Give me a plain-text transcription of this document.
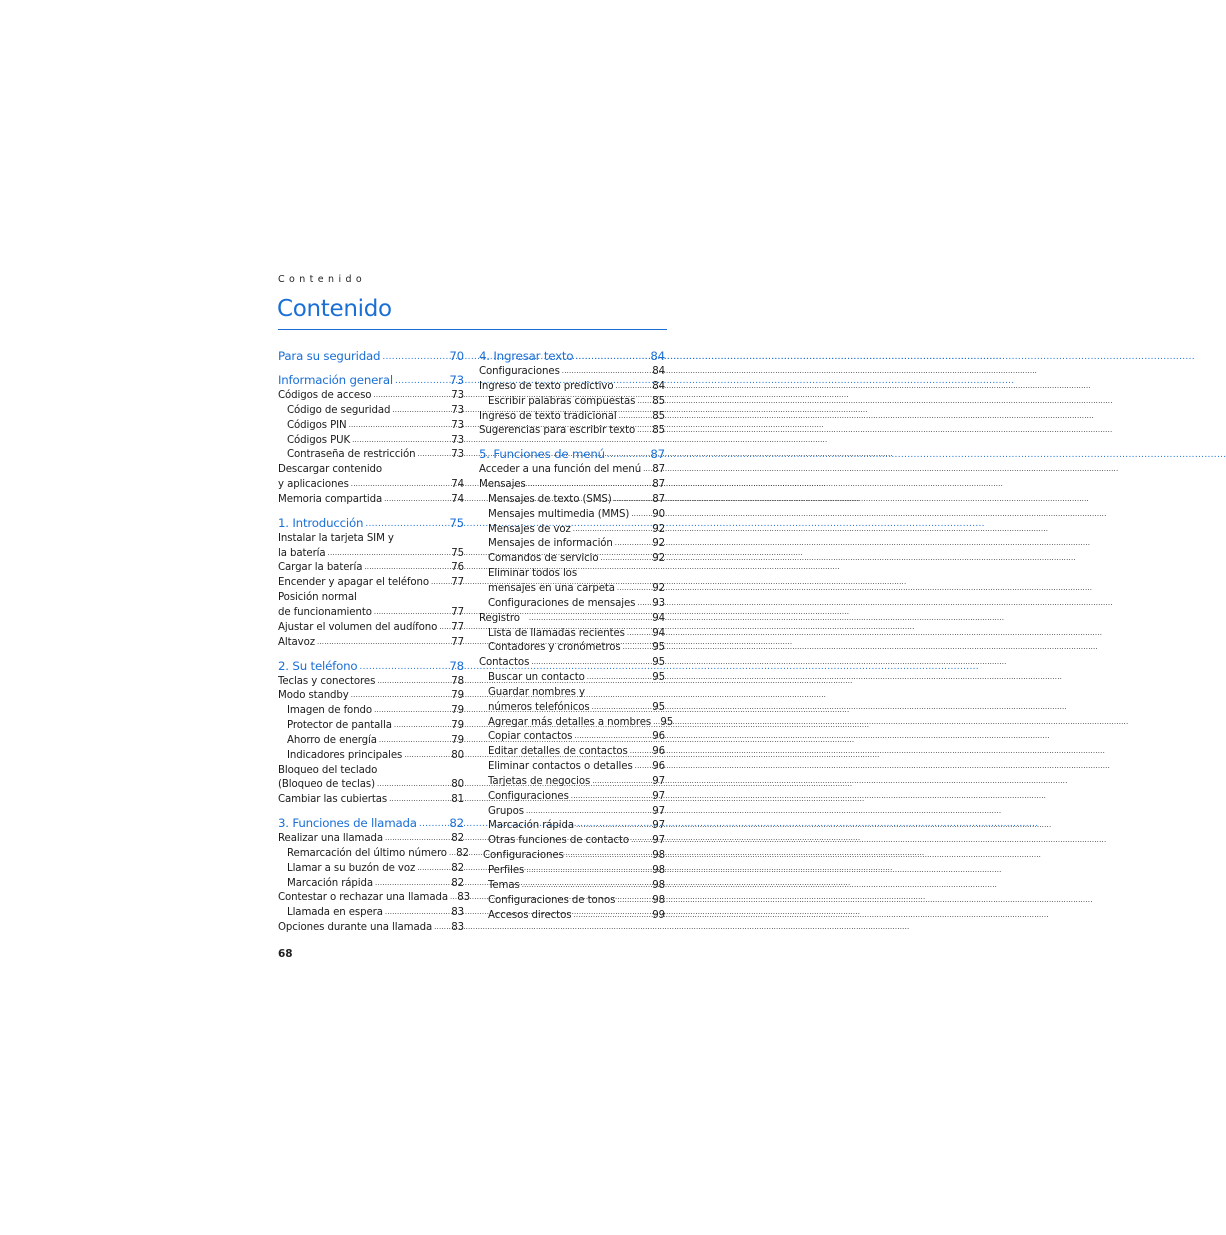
Contenido
Contenido
Para su seguridad .....	70
Información general .....	73
Códigos de acceso .....	73
Código de seguridad .....	73
Códigos PIN .....	73
Códigos PUK .....	73
Contraseña de restricción .....	73
Descargar contenido
y aplicaciones .....	74
Memoria compartida .....	74
1. Introducción .....	75
Instalar la tarjeta SIM y
la batería .....	75
Cargar la batería .....	76
Encender y apagar el teléfono ..... 77
Posición normal
de funcionamiento .....	77
Ajustar el volumen del audífono ..... 77
Altavoz .....	77
2. Su teléfono .....	78
Teclas y conectores .....	78
Modo standby .....	79
Imagen de fondo .....	79
Protector de pantalla .....	79
Ahorro de energía .....	79
Indicadores principales .....	80
Bloqueo del teclado
(Bloqueo de teclas) .....	80
Cambiar las cubiertas .....	81
3. Funciones de llamada .....	82
Realizar una llamada .....	82
Remarcación del último número ..... 82
Llamar a su buzón de voz .....	82
Marcación rápida .....	82
Contestar o rechazar una llamada ..... 83
Llamada en espera .....	83
Opciones durante una llamada ..... 83
4. Ingresar texto .....	84
Configuraciones .....	84
Ingreso de texto predictivo .....	84
Escribir palabras compuestas ..... 85
Ingreso de texto tradicional .....	85
Sugerencias para escribir texto ..... 85
5. Funciones de menú .....	87
Acceder a una función del menú ..... 87
Mensajes .....	87
Mensajes de texto (SMS) .....	87
Mensajes multimedia (MMS) ..... 90
Mensajes de voz .....	92
Mensajes de información .....	92
Comandos de servicio .....	92
Eliminar todos los
mensajes en una carpeta .....	92
Configuraciones de mensajes ..... 93
Registro .....	94
Lista de llamadas recientes .....	94
Contadores y cronómetros .....	95
Contactos .....	95
Buscar un contacto .....	95
Guardar nombres y
números telefónicos .....	95
Agregar más detalles a nombres ..... 95
Copiar contactos .....	96
Editar detalles de contactos ..... 96
Eliminar contactos o detalles ..... 96
Tarjetas de negocios .....	97
Configuraciones .....	97
Grupos .....	97
Marcación rápida .....	97
Otras funciones de contacto ..... 97
Configuraciones .....	98
Perfiles .....	98
Temas .....	98
Configuraciones de tonos .....	98
Accesos directos .....	99
68
